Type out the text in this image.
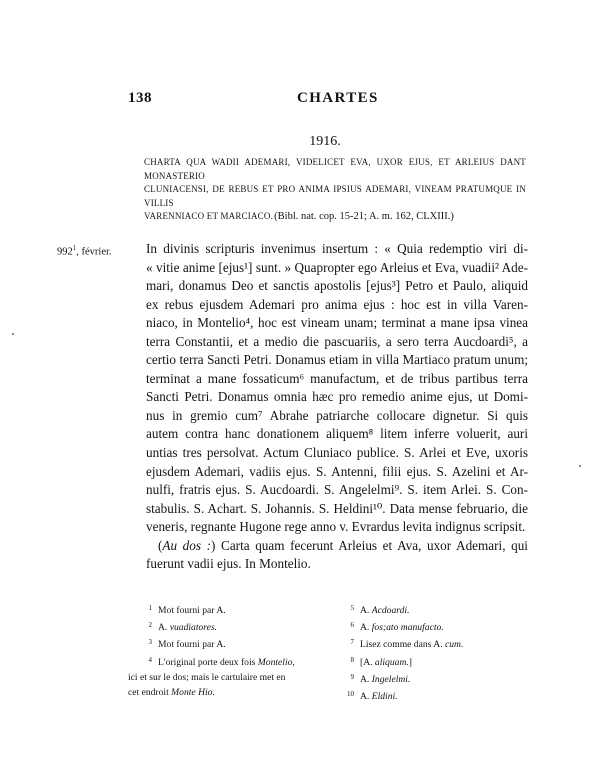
138	CHARTES
1916.
CHARTA QUA WADII ADEMARI, VIDELICET EVA, UXOR EJUS, ET ARLEIUS DANT MONASTERIO
CLUNIACENSI, DE REBUS ET PRO ANIMA IPSIUS ADEMARI, VINEAM PRATUMQUE IN VILLIS
VARENNIACO ET MARCIACO. (Bibl. nat. cop. 15-21; A. m. 162, CLXIII.)
$992^1$, février.	In divinis scripturis invenimus insertum : « Quia redemptio viri di-
« vitie anime [ejus¹] sunt. » Quapropter ego Arleius et Eva, vuadii² Ade-
mari, donamus Deo et sanctis apostolis [ejus³] Petro et Paulo, aliquid
ex rebus ejusdem Ademari pro anima ejus : hoc est in villa Varen-
niaco, in Montelio⁴, hoc est vineam unam; terminat a mane ipsa vinea
terra Constantii, et a medio die pascuariis, a sero terra Aucdoardi⁵, a
certio terra Sancti Petri. Donamus etiam in villa Martiaco pratum unum;
terminat a mane fossaticum⁶ manufactum, et de tribus partibus terra
Sancti Petri. Donamus omnia hæc pro remedio anime ejus, ut Domi-
nus in gremio cum⁷ Abrahe patriarche collocare dignetur. Si quis
autem contra hanc donationem aliquem⁸ litem inferre voluerit, auri
untias tres persolvat. Actum Cluniaco publice. S. Arlei et Eve, uxoris
ejusdem Ademari, vadiis ejus. S. Antenni, filii ejus. S. Azelini et Ar-
nulfi, fratris ejus. S. Aucdoardi. S. Angelelmi⁹. S. item Arlei. S. Con-
stabulis. S. Achart. S. Johannis. S. Heldini¹⁰. Data mense februario, die
veneris, regnante Hugone rege anno v. Evrardus levita indignus scripsit.
(Au dos :) Carta quam fecerunt Arleius et Ava, uxor Ademari, qui
fuerunt vadii ejus. In Montelio.
1 Mot fourni par A.
2 A. vuadiatores.
3 Mot fourni par A.
4 L'original porte deux fois Montelio,
ici et sur le dos; mais le cartulaire met en
cet endroit Monte Hio.
5 A. Acdoardi.
6 A. fos;ato manufacto.
7 Lisez comme dans A. cum.
8 [A. aliquam.]
9 A. Ingelelmi.
10 A. Eldini.
